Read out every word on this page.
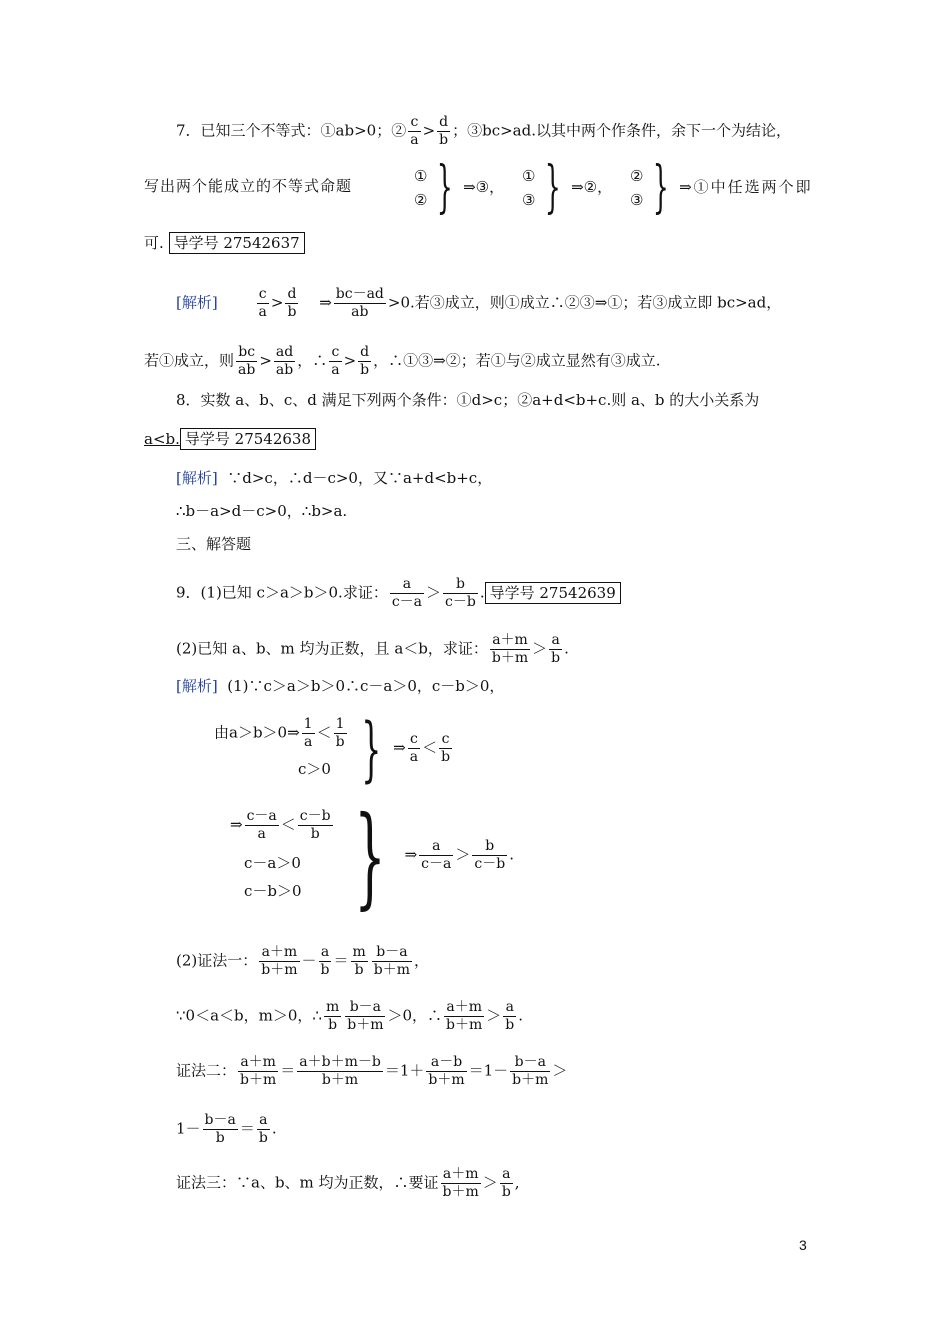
7．已知三个不等式：①ab>0；② $\frac{c}{a} > \frac{d}{b}$ ；③bc>ad.以其中两个作条件，余下一个为结论，
写出两个能成立的不等式命题
①
② } ⇒③，
①
③ } ⇒②，
②
③ } ⇒①中任选两个即
可. 导学号 27542637
[解析]	$\frac{c}{a} > \frac{d}{b}$ ⇒ $\frac{bc-ad}{ab} >0$.若③成立，则①成立∴②③⇒①；若③成立即 bc>ad，
若①成立，则 $\frac{bc}{ab} > \frac{ad}{ab}$ ，∴ $\frac{c}{a} > \frac{d}{b}$ ，∴①③⇒②；若①与②成立显然有③成立.
8．实数 a、b、c、d 满足下列两个条件：①d>c；②a+d<b+c.则 a、b 的大小关系为
a<b. 导学号 27542638
[解析] ∵d>c，∴d－c>0，又∵a+d<b+c，
∴b－a>d－c>0，∴b>a.
三、解答题
9．(1)已知 c＞a＞b＞0.求证： $\frac{a}{c-a} > \frac{b}{c-b}$ . 导学号 27542639
(2)已知 a、b、m 均为正数，且 a＜b，求证： $\frac{a+m}{b+m} > \frac{a}{b}$ .
[解析] (1)∵c＞a＞b＞0∴c－a＞0，c－b＞0，
由a＞b＞0⇒ $\frac{1}{a} < \frac{1}{b}$
c＞0 } ⇒ $\frac{c}{a} < \frac{c}{b}$
⇒ $\frac{c-a}{a} < \frac{c-b}{b}$
c－a＞0
c－b＞0 } ⇒ $\frac{a}{c-a} > \frac{b}{c-b}$ .
(2)证法一： $\frac{a+m}{b+m} - \frac{a}{b} = \frac{m}{b} \frac{b-a}{b+m}$ ，
∵0＜a＜b，m＞0，∴ $\frac{m}{b} \frac{b-a}{b+m} >0$，∴ $\frac{a+m}{b+m} > \frac{a}{b}$ .
证法二： $\frac{a+m}{b+m} = \frac{a+b+m-b}{b+m} =1+ \frac{a-b}{b+m} =1- \frac{b-a}{b+m}$ ＞
$1- \frac{b-a}{b} = \frac{a}{b}$ .
证法三：∵a、b、m 均为正数，∴要证 $\frac{a+m}{b+m} > \frac{a}{b}$ ,
3
